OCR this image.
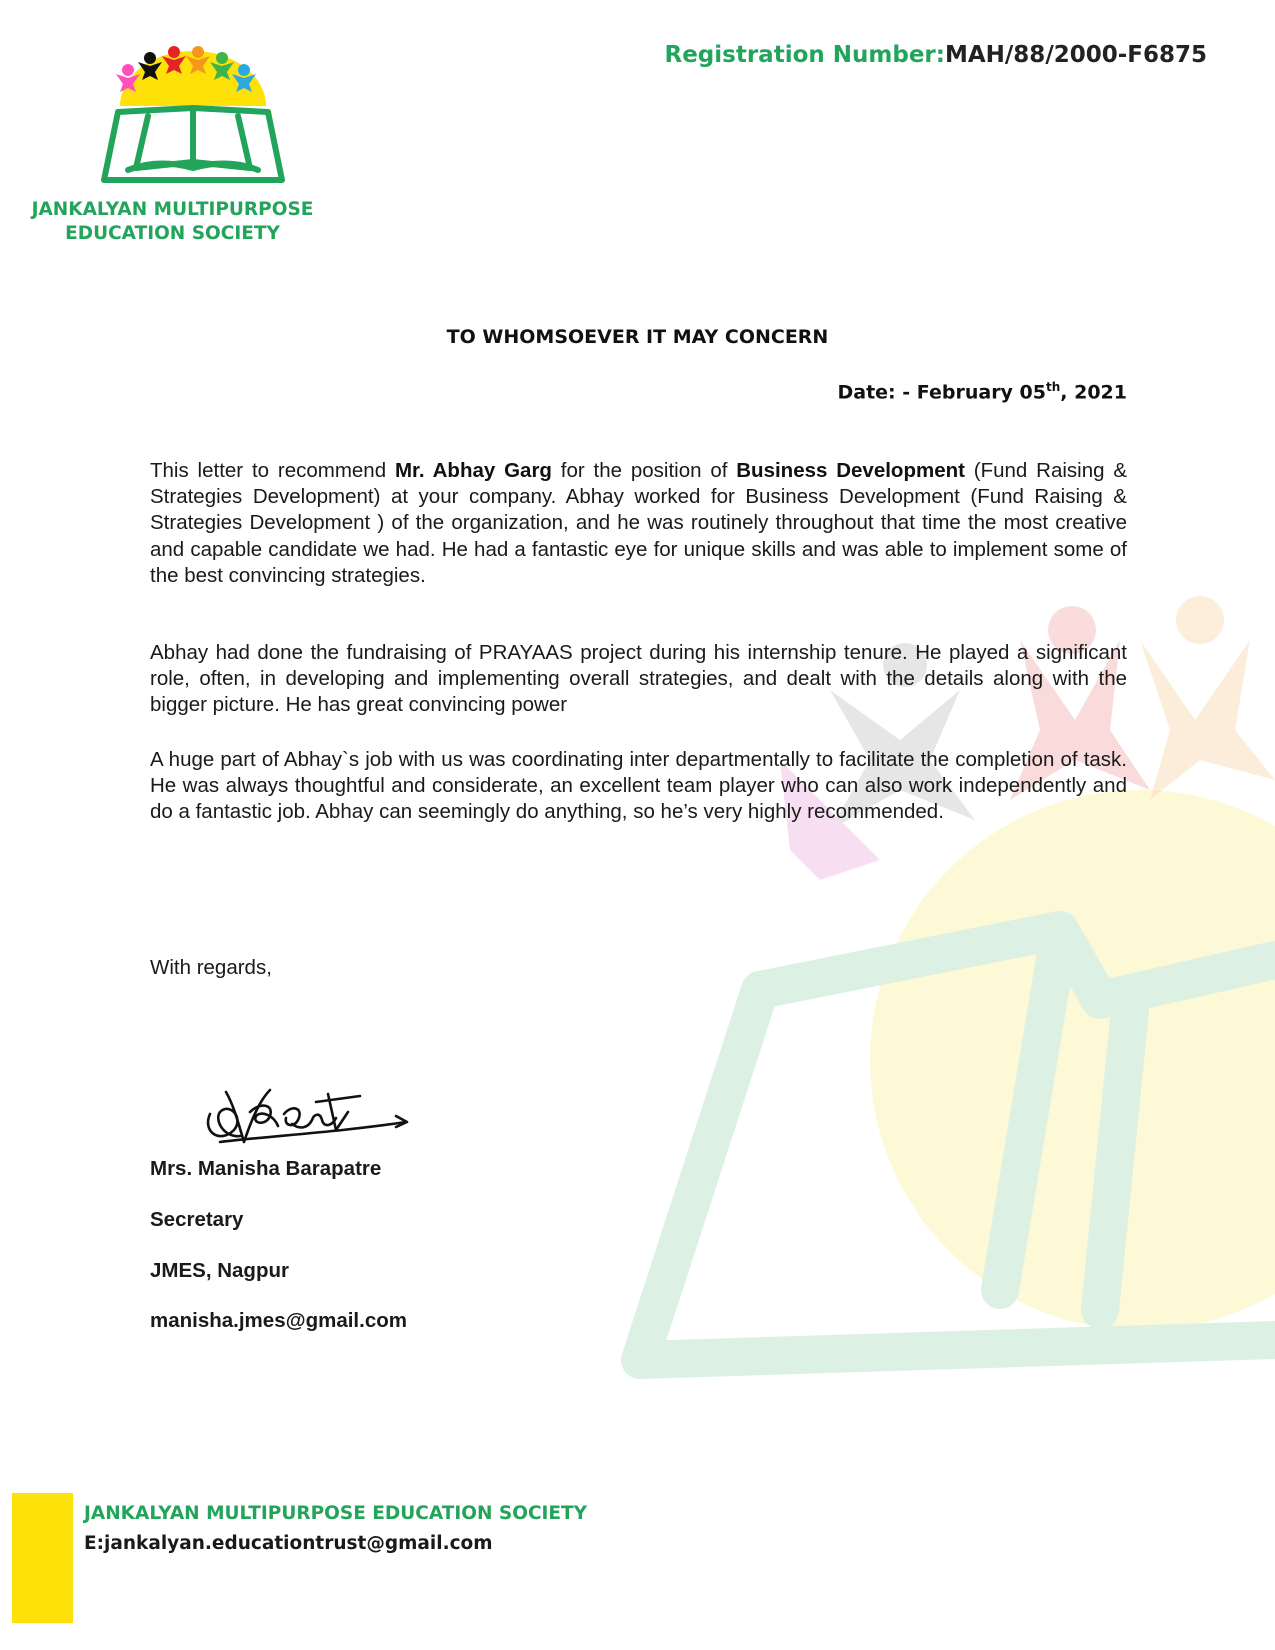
JANKALYAN MULTIPURPOSE
EDUCATION SOCIETY
Registration Number:MAH/88/2000-F6875
TO WHOMSOEVER IT MAY CONCERN
Date: - February 05th, 2021
This letter to recommend Mr. Abhay Garg for the position of Business Development (Fund Raising & Strategies Development) at your company. Abhay worked for Business Development (Fund Raising & Strategies Development ) of the organization, and he was routinely throughout that time the most creative and capable candidate we had. He had a fantastic eye for unique skills and was able to implement some of the best convincing strategies.
Abhay had done the fundraising of PRAYAAS project during his internship tenure. He played a significant role, often, in developing and implementing overall strategies, and dealt with the details along with the bigger picture. He has great convincing power
A huge part of Abhay`s job with us was coordinating inter departmentally to facilitate the completion of task. He was always thoughtful and considerate, an excellent team player who can also work independently and do a fantastic job. Abhay can seemingly do anything, so he’s very highly recommended.
With regards,
Mrs. Manisha Barapatre
Secretary
JMES, Nagpur
manisha.jmes@gmail.com
JANKALYAN MULTIPURPOSE EDUCATION SOCIETY
E:jankalyan.educationtrust@gmail.com
